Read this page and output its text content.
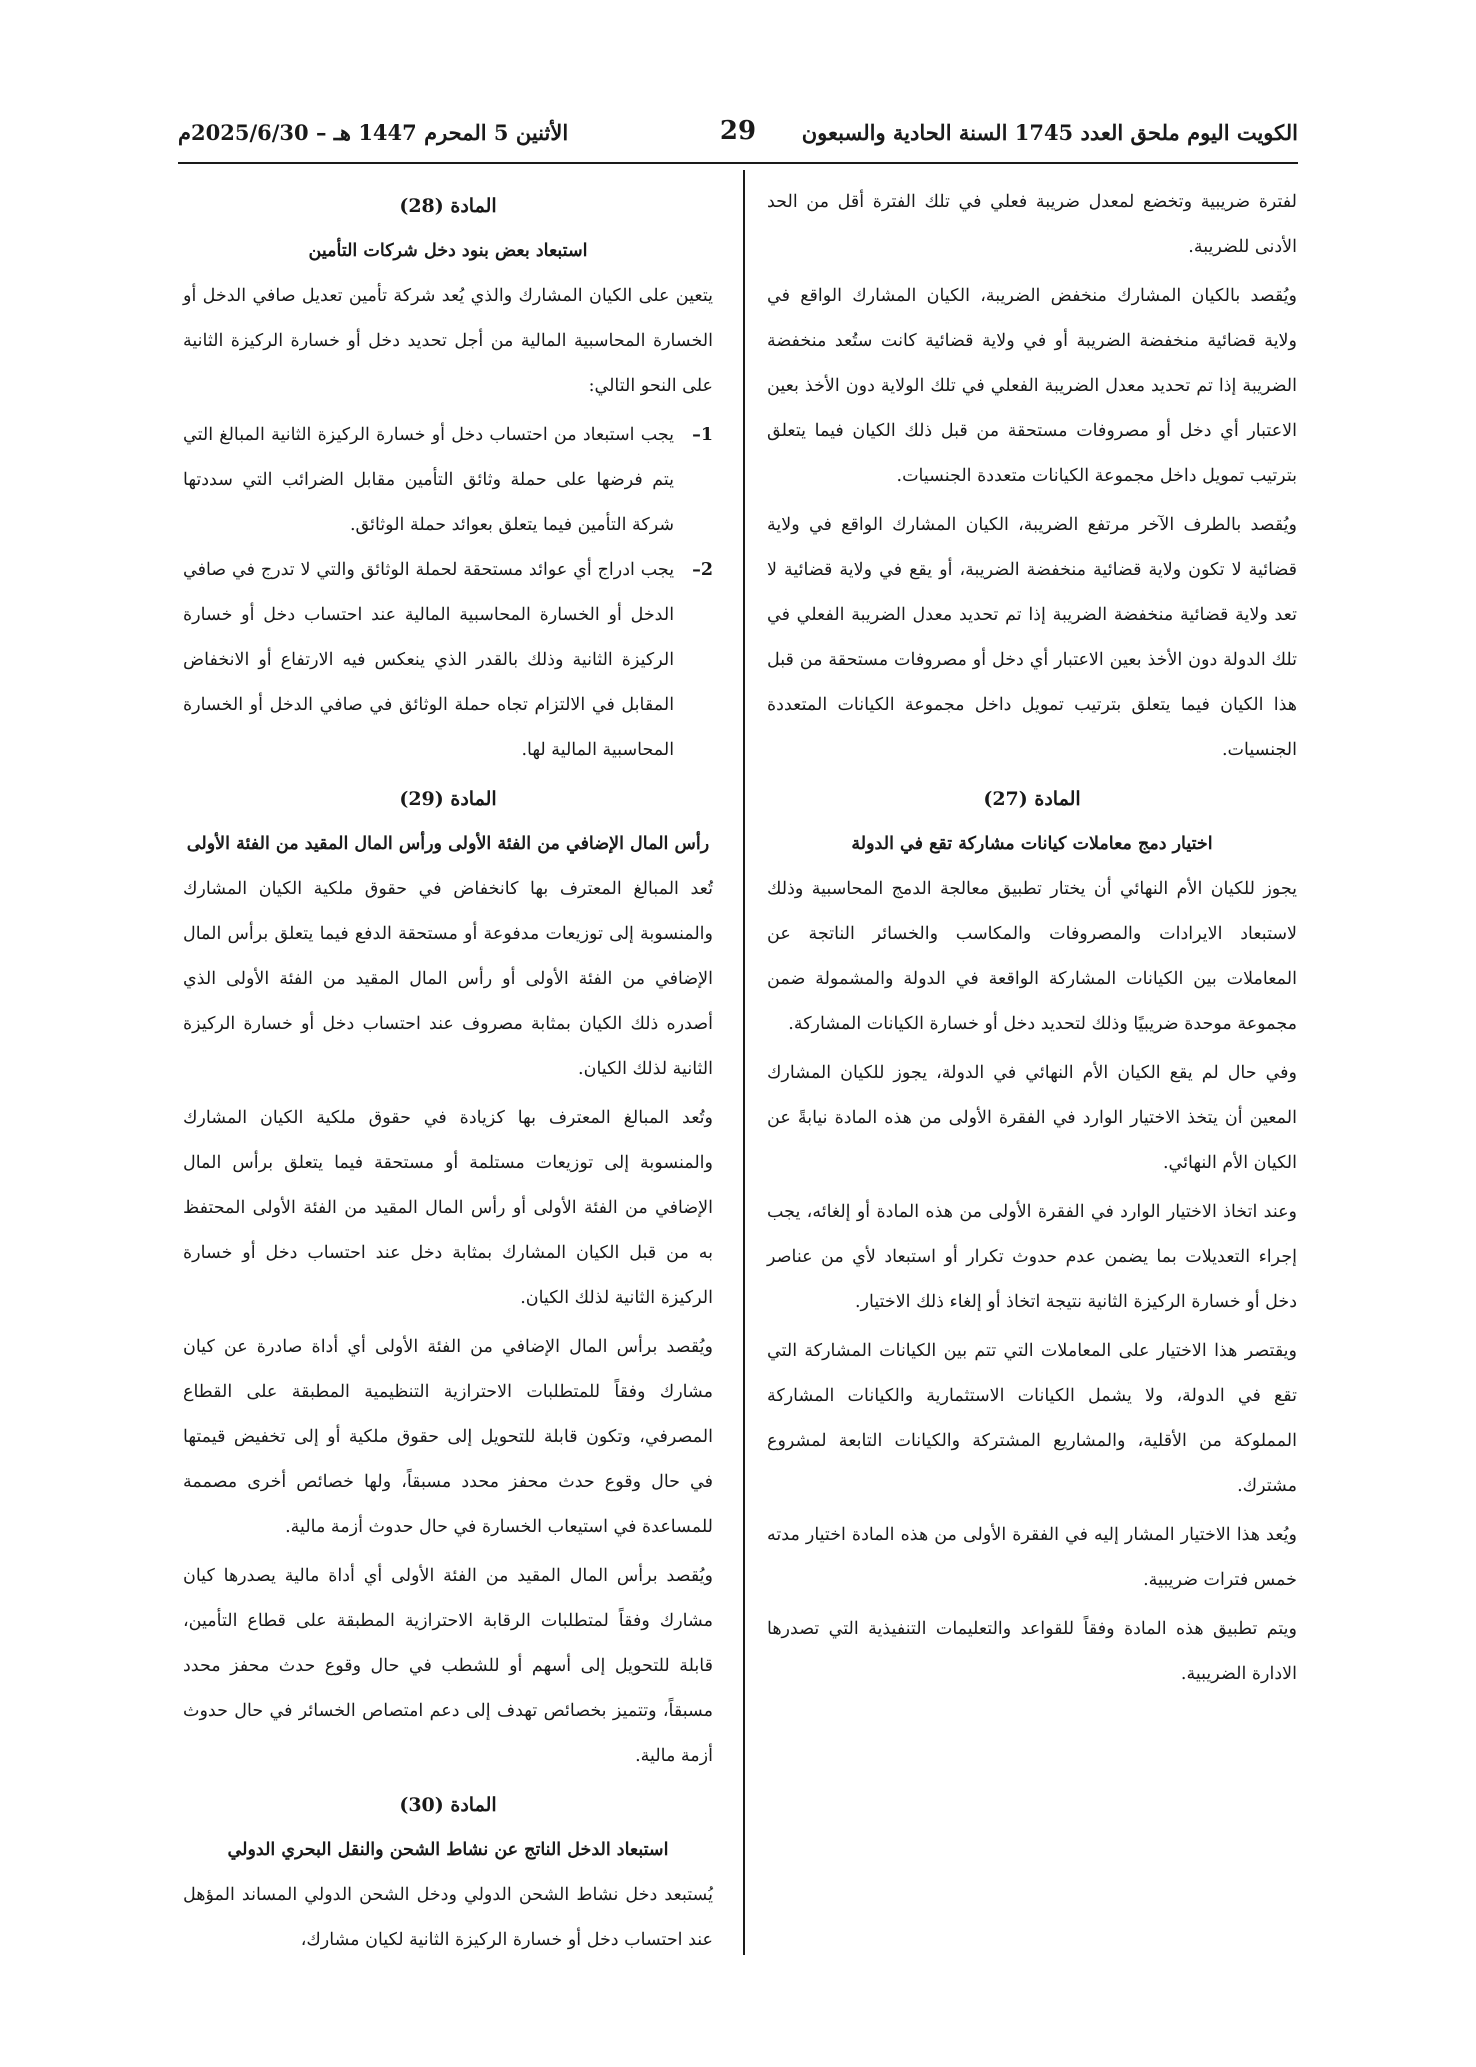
الكويت اليوم ملحق العدد 1745 السنة الحادية والسبعون
29
الأثنين 5 المحرم 1447 هـ – 2025/6/30م

لفترة ضريبية وتخضع لمعدل ضريبة فعلي في تلك الفترة أقل من الحد الأدنى للضريبة.

ويُقصد بالكيان المشارك منخفض الضريبة، الكيان المشارك الواقع في ولاية قضائية منخفضة الضريبة أو في ولاية قضائية كانت ستُعد منخفضة الضريبة إذا تم تحديد معدل الضريبة الفعلي في تلك الولاية دون الأخذ بعين الاعتبار أي دخل أو مصروفات مستحقة من قبل ذلك الكيان فيما يتعلق بترتيب تمويل داخل مجموعة الكيانات متعددة الجنسيات.

ويُقصد بالطرف الآخر مرتفع الضريبة، الكيان المشارك الواقع في ولاية قضائية لا تكون ولاية قضائية منخفضة الضريبة، أو يقع في ولاية قضائية لا تعد ولاية قضائية منخفضة الضريبة إذا تم تحديد معدل الضريبة الفعلي في تلك الدولة دون الأخذ بعين الاعتبار أي دخل أو مصروفات مستحقة من قبل هذا الكيان فيما يتعلق بترتيب تمويل داخل مجموعة الكيانات المتعددة الجنسيات.

المادة (27)
اختيار دمج معاملات كيانات مشاركة تقع في الدولة

يجوز للكيان الأم النهائي أن يختار تطبيق معالجة الدمج المحاسبية وذلك لاستبعاد الايرادات والمصروفات والمكاسب والخسائر الناتجة عن المعاملات بين الكيانات المشاركة الواقعة في الدولة والمشمولة ضمن مجموعة موحدة ضريبيًا وذلك لتحديد دخل أو خسارة الكيانات المشاركة.

وفي حال لم يقع الكيان الأم النهائي في الدولة، يجوز للكيان المشارك المعين أن يتخذ الاختيار الوارد في الفقرة الأولى من هذه المادة نيابةً عن الكيان الأم النهائي.

وعند اتخاذ الاختيار الوارد في الفقرة الأولى من هذه المادة أو إلغائه، يجب إجراء التعديلات بما يضمن عدم حدوث تكرار أو استبعاد لأي من عناصر دخل أو خسارة الركيزة الثانية نتيجة اتخاذ أو إلغاء ذلك الاختيار.

ويقتصر هذا الاختيار على المعاملات التي تتم بين الكيانات المشاركة التي تقع في الدولة، ولا يشمل الكيانات الاستثمارية والكيانات المشاركة المملوكة من الأقلية، والمشاريع المشتركة والكيانات التابعة لمشروع مشترك.

ويُعد هذا الاختيار المشار إليه في الفقرة الأولى من هذه المادة اختيار مدته خمس فترات ضريبية.

ويتم تطبيق هذه المادة وفقاً للقواعد والتعليمات التنفيذية التي تصدرها الادارة الضريبية.

المادة (28)
استبعاد بعض بنود دخل شركات التأمين

يتعين على الكيان المشارك والذي يُعد شركة تأمين تعديل صافي الدخل أو الخسارة المحاسبية المالية من أجل تحديد دخل أو خسارة الركيزة الثانية على النحو التالي:

1–
يجب استبعاد من احتساب دخل أو خسارة الركيزة الثانية المبالغ التي يتم فرضها على حملة وثائق التأمين مقابل الضرائب التي سددتها شركة التأمين فيما يتعلق بعوائد حملة الوثائق.
2–
يجب ادراج أي عوائد مستحقة لحملة الوثائق والتي لا تدرج في صافي الدخل أو الخسارة المحاسبية المالية عند احتساب دخل أو خسارة الركيزة الثانية وذلك بالقدر الذي ينعكس فيه الارتفاع أو الانخفاض المقابل في الالتزام تجاه حملة الوثائق في صافي الدخل أو الخسارة المحاسبية المالية لها.
المادة (29)
رأس المال الإضافي من الفئة الأولى ورأس المال المقيد من الفئة الأولى

تُعد المبالغ المعترف بها كانخفاض في حقوق ملكية الكيان المشارك والمنسوبة إلى توزيعات مدفوعة أو مستحقة الدفع فيما يتعلق برأس المال الإضافي من الفئة الأولى أو رأس المال المقيد من الفئة الأولى الذي أصدره ذلك الكيان بمثابة مصروف عند احتساب دخل أو خسارة الركيزة الثانية لذلك الكيان.

وتُعد المبالغ المعترف بها كزيادة في حقوق ملكية الكيان المشارك والمنسوبة إلى توزيعات مستلمة أو مستحقة فيما يتعلق برأس المال الإضافي من الفئة الأولى أو رأس المال المقيد من الفئة الأولى المحتفظ به من قبل الكيان المشارك بمثابة دخل عند احتساب دخل أو خسارة الركيزة الثانية لذلك الكيان.

ويُقصد برأس المال الإضافي من الفئة الأولى أي أداة صادرة عن كيان مشارك وفقاً للمتطلبات الاحترازية التنظيمية المطبقة على القطاع المصرفي، وتكون قابلة للتحويل إلى حقوق ملكية أو إلى تخفيض قيمتها في حال وقوع حدث محفز محدد مسبقاً، ولها خصائص أخرى مصممة للمساعدة في استيعاب الخسارة في حال حدوث أزمة مالية.

ويُقصد برأس المال المقيد من الفئة الأولى أي أداة مالية يصدرها كيان مشارك وفقاً لمتطلبات الرقابة الاحترازية المطبقة على قطاع التأمين، قابلة للتحويل إلى أسهم أو للشطب في حال وقوع حدث محفز محدد مسبقاً، وتتميز بخصائص تهدف إلى دعم امتصاص الخسائر في حال حدوث أزمة مالية.

المادة (30)
استبعاد الدخل الناتج عن نشاط الشحن والنقل البحري الدولي

يُستبعد دخل نشاط الشحن الدولي ودخل الشحن الدولي المساند المؤهل عند احتساب دخل أو خسارة الركيزة الثانية لكيان مشارك،
